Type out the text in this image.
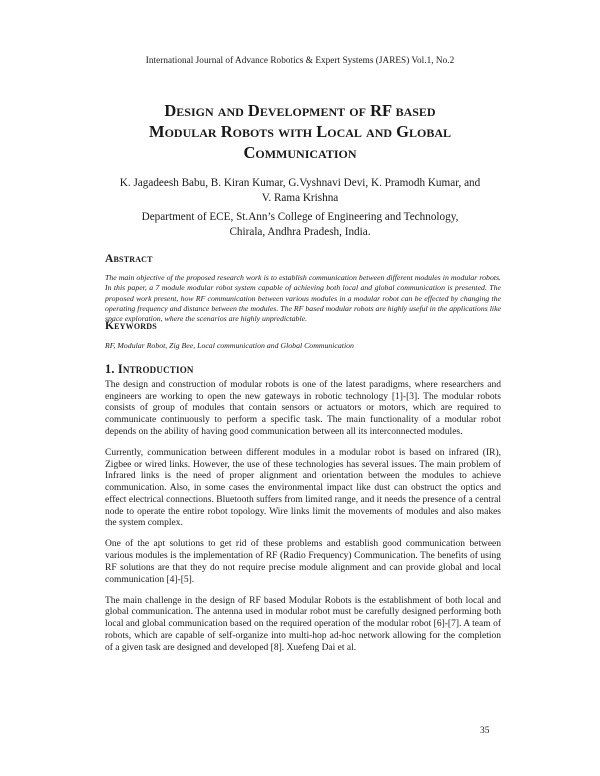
International Journal of Advance Robotics & Expert Systems (JARES) Vol.1, No.2
Design and Development of RF based
Modular Robots with Local and Global
Communication
K. Jagadeesh Babu, B. Kiran Kumar, G.Vyshnavi Devi, K. Pramodh Kumar, and
V. Rama Krishna
Department of ECE, St.Ann’s College of Engineering and Technology,
Chirala, Andhra Pradesh, India.
Abstract
The main objective of the proposed research work is to establish communication between different modules in modular robots. In this paper, a 7 module modular robot system capable of achieving both local and global communication is presented. The proposed work present, how RF communication between various modules in a modular robot can be effected by changing the operating frequency and distance between the modules. The RF based modular robots are highly useful in the applications like space exploration, where the scenarios are highly unpredictable.
Keywords
RF, Modular Robot, Zig Bee, Local communication and Global Communication
1. Introduction

The design and construction of modular robots is one of the latest paradigms, where researchers and engineers are working to open the new gateways in robotic technology [1]-[3]. The modular robots consists of group of modules that contain sensors or actuators or motors, which are required to communicate continuously to perform a specific task. The main functionality of a modular robot depends on the ability of having good communication between all its interconnected modules.

Currently, communication between different modules in a modular robot is based on infrared (IR), Zigbee or wired links. However, the use of these technologies has several issues. The main problem of Infrared links is the need of proper alignment and orientation between the modules to achieve communication. Also, in some cases the environmental impact like dust can obstruct the optics and effect electrical connections. Bluetooth suffers from limited range, and it needs the presence of a central node to operate the entire robot topology. Wire links limit the movements of modules and also makes the system complex.

One of the apt solutions to get rid of these problems and establish good communication between various modules is the implementation of RF (Radio Frequency) Communication. The benefits of using RF solutions are that they do not require precise module alignment and can provide global and local communication [4]-[5].

The main challenge in the design of RF based Modular Robots is the establishment of both local and global communication. The antenna used in modular robot must be carefully designed performing both local and global communication based on the required operation of the modular robot [6]-[7]. A team of robots, which are capable of self-organize into multi-hop ad-hoc network allowing for the completion of a given task are designed and developed [8]. Xuefeng Dai et al.

35
